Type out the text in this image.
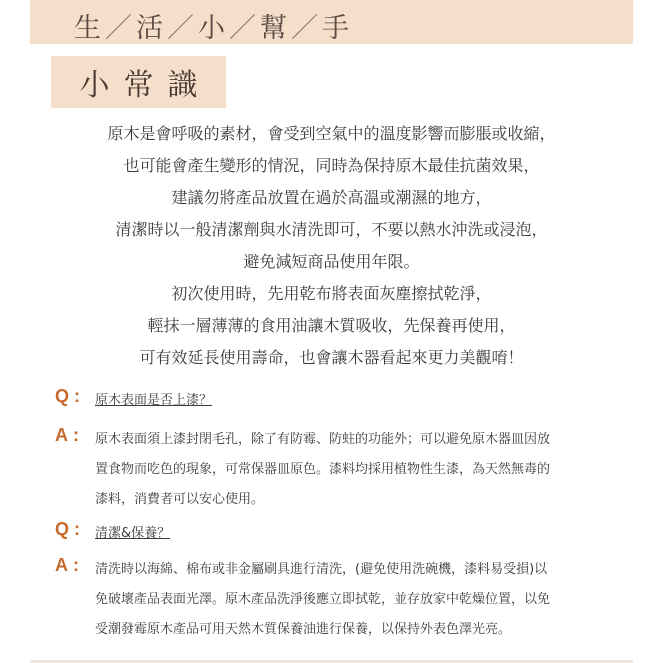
生／活／小／幫／手
小常識
原木是會呼吸的素材，會受到空氣中的溫度影響而膨脹或收縮，
也可能會產生變形的情況，同時為保持原木最佳抗菌效果，
建議勿將產品放置在過於高溫或潮濕的地方，
清潔時以一般清潔劑與水清洗即可，不要以熱水沖洗或浸泡，
避免減短商品使用年限。
初次使用時，先用乾布將表面灰塵擦拭乾淨，
輕抹一層薄薄的食用油讓木質吸收，先保養再使用，
可有效延長使用壽命，也會讓木器看起來更力美觀唷！
Q : 原木表面是否上漆？
A : 原木表面須上漆封閉毛孔，除了有防霉、防蛀的功能外；可以避免原木器皿因放
置食物而吃色的現象，可常保器皿原色。漆料均採用植物性生漆，為天然無毒的
漆料，消費者可以安心使用。
Q : 清潔&保養？
A : 清洗時以海綿、棉布或非金屬刷具進行清洗，(避免使用洗碗機，漆料易受損)以
免破壞產品表面光澤。原木產品洗淨後應立即拭乾，並存放家中乾燥位置，以免
受潮發霉原木產品可用天然木質保養油進行保養，以保持外表色澤光亮。
